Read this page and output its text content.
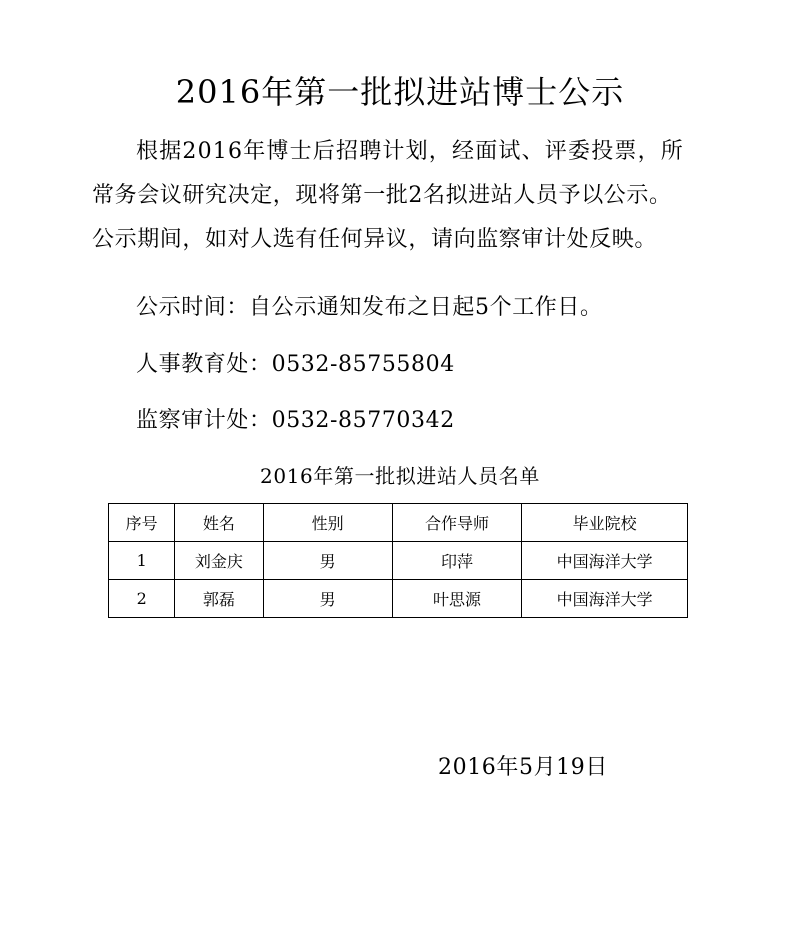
2016年第一批拟进站博士公示
根据2016年博士后招聘计划，经面试、评委投票，所
常务会议研究决定，现将第一批2名拟进站人员予以公示。
公示期间，如对人选有任何异议，请向监察审计处反映。
公示时间：自公示通知发布之日起5个工作日。
人事教育处：0532-85755804
监察审计处：0532-85770342
2016年第一批拟进站人员名单
序号	姓名	性别	合作导师	毕业院校
1	刘金庆	男	印萍	中国海洋大学
2	郭磊	男	叶思源	中国海洋大学
2016年5月19日
